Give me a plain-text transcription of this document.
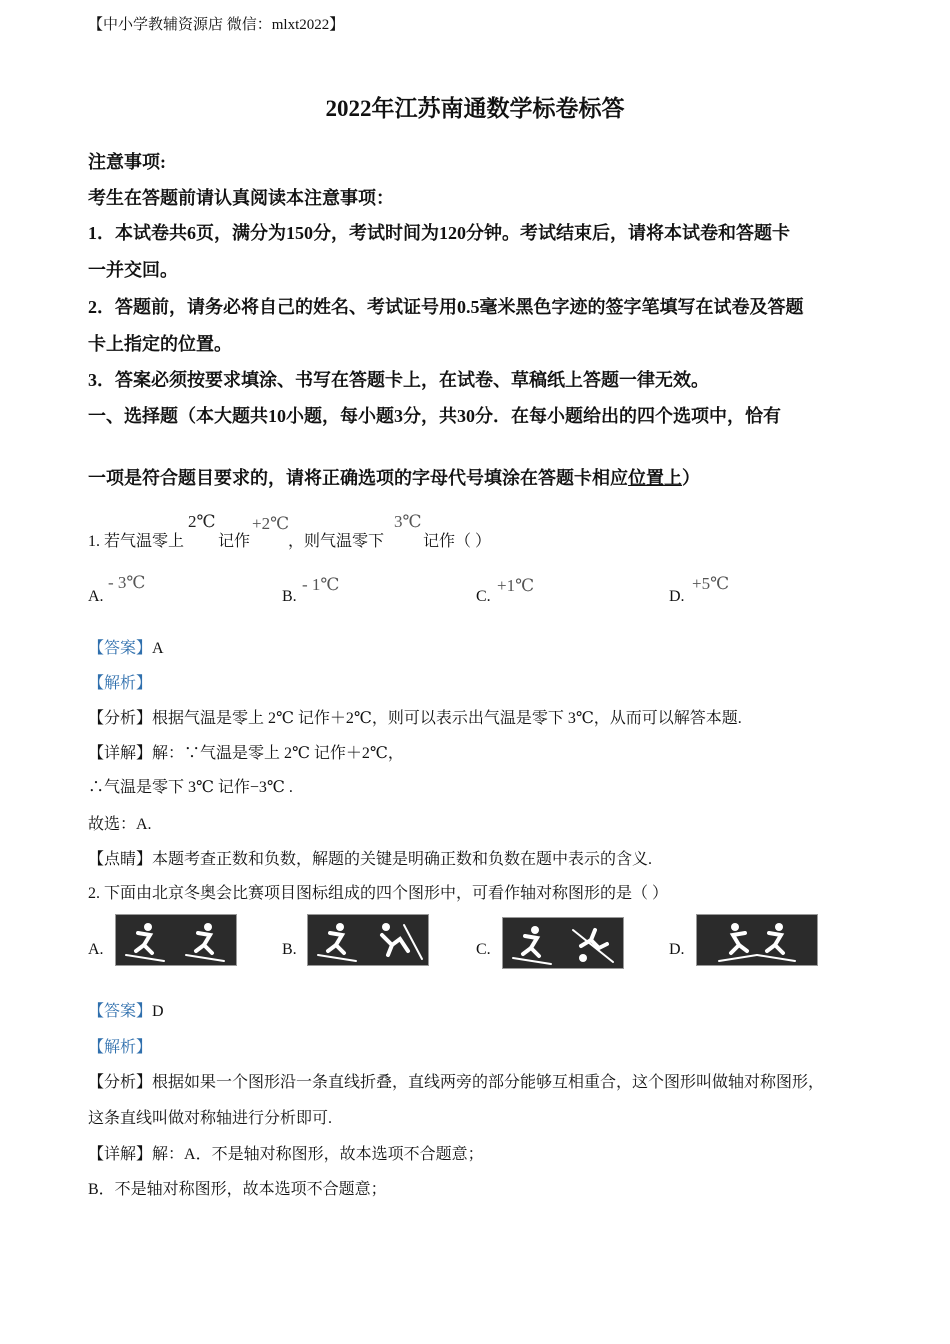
【中小学教辅资源店 微信：mlxt2022】
2022年江苏南通数学标卷标答
注意事项:
考生在答题前请认真阅读本注意事项：
1．本试卷共6页，满分为150分，考试时间为120分钟。考试结束后，请将本试卷和答题卡
一并交回。
2．答题前，请务必将自己的姓名、考试证号用0.5毫米黑色字迹的签字笔填写在试卷及答题
卡上指定的位置。
3．答案必须按要求填涂、书写在答题卡上，在试卷、草稿纸上答题一律无效。
一、选择题（本大题共10小题，每小题3分，共30分．在每小题给出的四个选项中，恰有
一项是符合题目要求的，请将正确选项的字母代号填涂在答题卡相应位置上）
1. 若气温零上
2℃
记作
+2℃
，则气温零下
3℃
记作（ ）
A.
- 3℃
B.
- 1℃
C.
+1℃
D.
+5℃
【答案】A
【解析】
【分析】根据气温是零上 2℃ 记作＋2℃，则可以表示出气温是零下 3℃，从而可以解答本题.
【详解】解：∵气温是零上 2℃ 记作＋2℃，
∴气温是零下 3℃ 记作−3℃ .
故选：A.
【点睛】本题考查正数和负数，解题的关键是明确正数和负数在题中表示的含义.
2. 下面由北京冬奥会比赛项目图标组成的四个图形中，可看作轴对称图形的是（ ）
A.	B.	C.	D.
【答案】D
【解析】
【分析】根据如果一个图形沿一条直线折叠，直线两旁的部分能够互相重合，这个图形叫做轴对称图形，
这条直线叫做对称轴进行分析即可.
【详解】解：A．不是轴对称图形，故本选项不合题意；
B．不是轴对称图形，故本选项不合题意；
